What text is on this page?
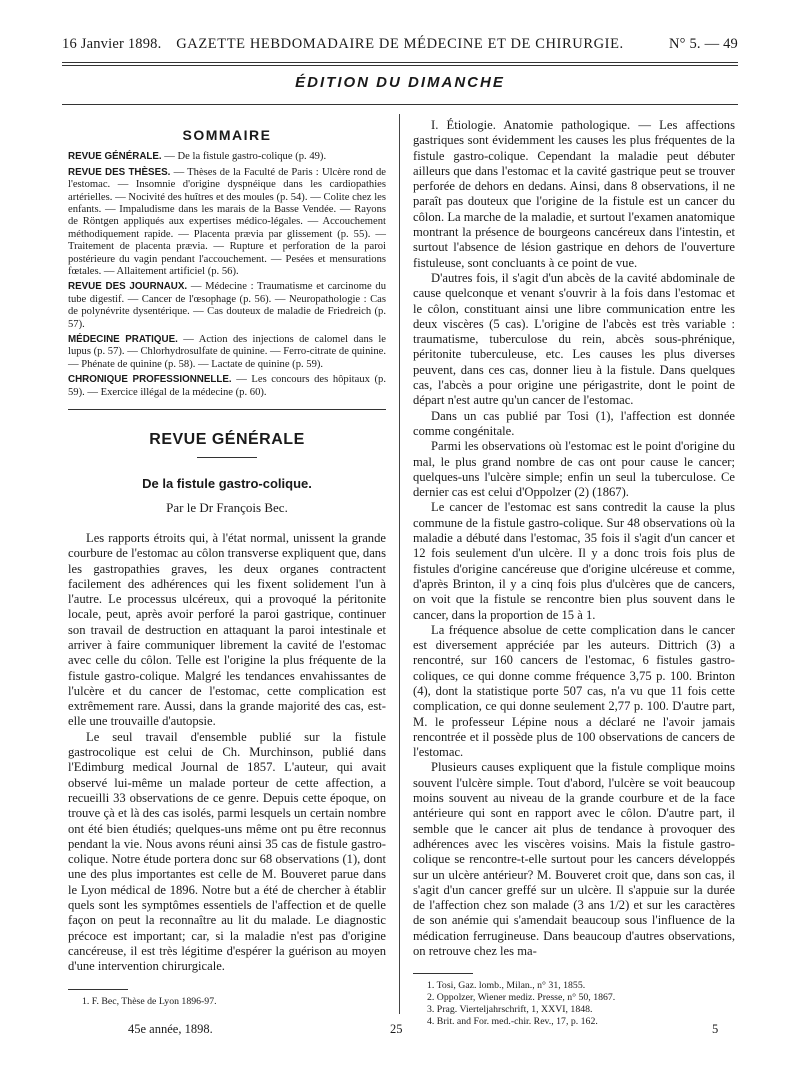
16 Janvier 1898.	GAZETTE HEBDOMADAIRE DE MÉDECINE ET DE CHIRURGIE.	N° 5. — 49
ÉDITION DU DIMANCHE
SOMMAIRE

REVUE GÉNÉRALE. — De la fistule gastro-colique (p. 49).

REVUE DES THÈSES. — Thèses de la Faculté de Paris : Ulcère rond de l'estomac. — Insomnie d'origine dyspnéique dans les cardiopathies artérielles. — Nocivité des huîtres et des moules (p. 54). — Colite chez les enfants. — Impaludisme dans les marais de la Basse Vendée. — Rayons de Röntgen appliqués aux expertises médico-légales. — Accouchement méthodiquement rapide. — Placenta prævia par glissement (p. 55). — Traitement de placenta prævia. — Rupture et perforation de la paroi postérieure du vagin pendant l'accouchement. — Pesées et mensurations fœtales. — Allaitement artificiel (p. 56).

REVUE DES JOURNAUX. — Médecine : Traumatisme et carcinome du tube digestif. — Cancer de l'œsophage (p. 56). — Neuropathologie : Cas de polynévrite dysentérique. — Cas douteux de maladie de Friedreich (p. 57).

MÉDECINE PRATIQUE. — Action des injections de calomel dans le lupus (p. 57). — Chlorhydrosulfate de quinine. — Ferro-citrate de quinine. — Phénate de quinine (p. 58). — Lactate de quinine (p. 59).

CHRONIQUE PROFESSIONNELLE. — Les concours des hôpitaux (p. 59). — Exercice illégal de la médecine (p. 60).

REVUE GÉNÉRALE
De la fistule gastro-colique.
Par le Dr François Bec.

Les rapports étroits qui, à l'état normal, unissent la grande courbure de l'estomac au côlon transverse expliquent que, dans les gastropathies graves, les deux organes contractent facilement des adhérences qui les fixent solidement l'un à l'autre. Le processus ulcéreux, qui a provoqué la péritonite locale, peut, après avoir perforé la paroi gastrique, continuer son travail de destruction en attaquant la paroi intestinale et arriver à faire communiquer librement la cavité de l'estomac avec celle du côlon. Telle est l'origine la plus fréquente de la fistule gastro-colique. Malgré les tendances envahissantes de l'ulcère et du cancer de l'estomac, cette complication est extrêmement rare. Aussi, dans la grande majorité des cas, est-elle une trouvaille d'autopsie.

Le seul travail d'ensemble publié sur la fistule gastrocolique est celui de Ch. Murchinson, publié dans l'Edimburg medical Journal de 1857. L'auteur, qui avait observé lui-même un malade porteur de cette affection, a recueilli 33 observations de ce genre. Depuis cette époque, on trouve çà et là des cas isolés, parmi lesquels un certain nombre ont été bien étudiés; quelques-uns même ont pu être reconnus pendant la vie. Nous avons réuni ainsi 35 cas de fistule gastro-colique. Notre étude portera donc sur 68 observations (1), dont une des plus importantes est celle de M. Bouveret parue dans le Lyon médical de 1896. Notre but a été de chercher à établir quels sont les symptômes essentiels de l'affection et de quelle façon on peut la reconnaître au lit du malade. Le diagnostic précoce est important; car, si la maladie n'est pas d'origine cancéreuse, il est très légitime d'espérer la guérison au moyen d'une intervention chirurgicale.

1. F. Bec, Thèse de Lyon 1896-97.

I. Étiologie. Anatomie pathologique. — Les affections gastriques sont évidemment les causes les plus fréquentes de la fistule gastro-colique. Cependant la maladie peut débuter ailleurs que dans l'estomac et la cavité gastrique peut se trouver perforée de dehors en dedans. Ainsi, dans 8 observations, il ne paraît pas douteux que l'origine de la fistule est un cancer du côlon. La marche de la maladie, et surtout l'examen anatomique montrant la présence de bourgeons cancéreux dans l'intestin, et surtout l'absence de lésion gastrique en dehors de l'ouverture fistuleuse, sont concluants à ce point de vue.

D'autres fois, il s'agit d'un abcès de la cavité abdominale de cause quelconque et venant s'ouvrir à la fois dans l'estomac et le côlon, constituant ainsi une libre communication entre les deux viscères (5 cas). L'origine de l'abcès est très variable : traumatisme, tuberculose du rein, abcès sous-phrénique, péritonite tuberculeuse, etc. Les causes les plus diverses peuvent, dans ces cas, donner lieu à la fistule. Dans quelques cas, l'abcès a pour origine une périgastrite, dont le point de départ n'est autre qu'un cancer de l'estomac.

Dans un cas publié par Tosi (1), l'affection est donnée comme congénitale.

Parmi les observations où l'estomac est le point d'origine du mal, le plus grand nombre de cas ont pour cause le cancer; quelques-uns l'ulcère simple; enfin un seul la tuberculose. Ce dernier cas est celui d'Oppolzer (2) (1867).

Le cancer de l'estomac est sans contredit la cause la plus commune de la fistule gastro-colique. Sur 48 observations où la maladie a débuté dans l'estomac, 35 fois il s'agit d'un cancer et 12 fois seulement d'un ulcère. Il y a donc trois fois plus de fistules d'origine cancéreuse que d'origine ulcéreuse et comme, d'après Brinton, il y a cinq fois plus d'ulcères que de cancers, on voit que la fistule se rencontre bien plus souvent dans le cancer, dans la proportion de 15 à 1.

La fréquence absolue de cette complication dans le cancer est diversement appréciée par les auteurs. Dittrich (3) a rencontré, sur 160 cancers de l'estomac, 6 fistules gastro-coliques, ce qui donne comme fréquence 3,75 p. 100. Brinton (4), dont la statistique porte 507 cas, n'a vu que 11 fois cette complication, ce qui donne seulement 2,77 p. 100. D'autre part, M. le professeur Lépine nous a déclaré ne l'avoir jamais rencontrée et il possède plus de 100 observations de cancers de l'estomac.

Plusieurs causes expliquent que la fistule complique moins souvent l'ulcère simple. Tout d'abord, l'ulcère se voit beaucoup moins souvent au niveau de la grande courbure et de la face antérieure qui sont en rapport avec le côlon. D'autre part, il semble que le cancer ait plus de tendance à provoquer des adhérences avec les viscères voisins. Mais la fistule gastro-colique se rencontre-t-elle surtout pour les cancers développés sur un ulcère antérieur? M. Bouveret croit que, dans son cas, il s'agit d'un cancer greffé sur un ulcère. Il s'appuie sur la durée de l'affection chez son malade (3 ans 1/2) et sur les caractères de son anémie qui s'amendait beaucoup sous l'influence de la médication ferrugineuse. Dans beaucoup d'autres observations, on retrouve chez les ma-

1. Tosi, Gaz. lomb., Milan., n° 31, 1855.

2. Oppolzer, Wiener mediz. Presse, n° 50, 1867.

3. Prag. Vierteljahrschrift, 1, XXVI, 1848.

4. Brit. and For. med.-chir. Rev., 17, p. 162.

45e année, 1898.	25	5
